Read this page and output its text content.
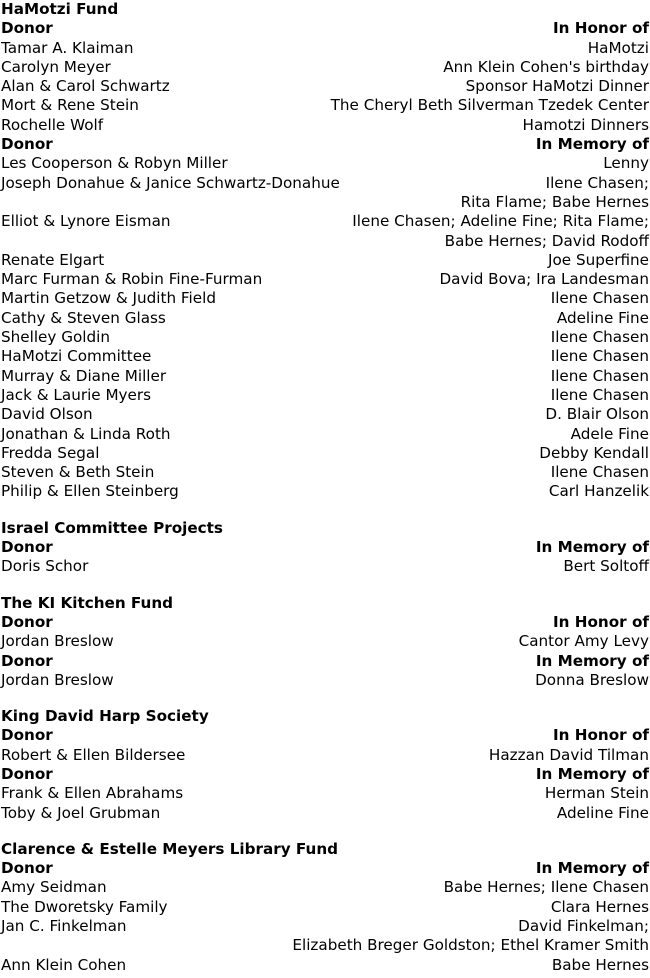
HaMotzi Fund
Donor	In Honor of
Tamar A. Klaiman	HaMotzi
Carolyn Meyer	Ann Klein Cohen's birthday
Alan & Carol Schwartz	Sponsor HaMotzi Dinner
Mort & Rene Stein	The Cheryl Beth Silverman Tzedek Center
Rochelle Wolf	Hamotzi Dinners
Donor	In Memory of
Les Cooperson & Robyn Miller	Lenny
Joseph Donahue & Janice Schwartz-Donahue	Ilene Chasen;
Rita Flame; Babe Hernes
Elliot & Lynore Eisman	Ilene Chasen; Adeline Fine; Rita Flame;
Babe Hernes; David Rodoff
Renate Elgart	Joe Superfine
Marc Furman & Robin Fine-Furman	David Bova; Ira Landesman
Martin Getzow & Judith Field	Ilene Chasen
Cathy & Steven Glass	Adeline Fine
Shelley Goldin	Ilene Chasen
HaMotzi Committee	Ilene Chasen
Murray & Diane Miller	Ilene Chasen
Jack & Laurie Myers	Ilene Chasen
David Olson	D. Blair Olson
Jonathan & Linda Roth	Adele Fine
Fredda Segal	Debby Kendall
Steven & Beth Stein	Ilene Chasen
Philip & Ellen Steinberg	Carl Hanzelik
Israel Committee Projects
Donor	In Memory of
Doris Schor	Bert Soltoff
The KI Kitchen Fund
Donor	In Honor of
Jordan Breslow	Cantor Amy Levy
Donor	In Memory of
Jordan Breslow	Donna Breslow
King David Harp Society
Donor	In Honor of
Robert & Ellen Bildersee	Hazzan David Tilman
Donor	In Memory of
Frank & Ellen Abrahams	Herman Stein
Toby & Joel Grubman	Adeline Fine
Clarence & Estelle Meyers Library Fund
Donor	In Memory of
Amy Seidman	Babe Hernes; Ilene Chasen
The Dworetsky Family	Clara Hernes
Jan C. Finkelman	David Finkelman;
Elizabeth Breger Goldston; Ethel Kramer Smith
Ann Klein Cohen	Babe Hernes
